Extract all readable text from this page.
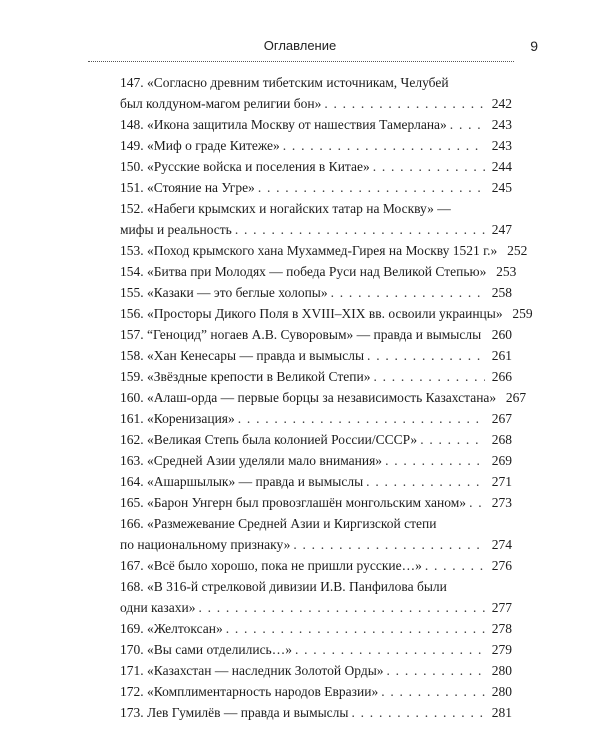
Оглавление	9
147. «Согласно древним тибетским источникам, Челубей
был колдуном-магом религии бон» . . .	242
148. «Икона защитила Москву от нашествия Тамерлана» . . .	243
149. «Миф о граде Китеже» . . .	243
150. «Русские войска и поселения в Китае» . . .	244
151. «Стояние на Угре» . . .	245
152. «Набеги крымских и ногайских татар на Москву» —
мифы и реальность . . .	247
153. «Поход крымского хана Мухаммед-Гирея на Москву 1521 г.» 252
154. «Битва при Молодях — победа Руси над Великой Степью» 253
155. «Казаки — это беглые холопы» . . .	258
156. «Просторы Дикого Поля в XVIII–XIX вв. освоили украинцы» 259
157. “Геноцид” ногаев А.В. Суворовым» — правда и вымыслы . . . 260
158. «Хан Кенесары — правда и вымыслы . . .	261
159. «Звёздные крепости в Великой Степи» . . .	266
160. «Алаш-орда — первые борцы за независимость Казахстана» 267
161. «Коренизация» . . .	267
162. «Великая Степь была колонией России/СССР» . . .	268
163. «Средней Азии уделяли мало внимания» . . .	269
164. «Ашаршылык» — правда и вымыслы . . .	271
165. «Барон Унгерн был провозглашён монгольским ханом» . . . 273
166. «Размежевание Средней Азии и Киргизской степи
по национальному признаку» . . .	274
167. «Всё было хорошо, пока не пришли русские…» . . .	276
168. «В 316-й стрелковой дивизии И.В. Панфилова были
одни казахи» . . .	277
169. «Желтоксан» . . .	278
170. «Вы сами отделились…» . . .	279
171. «Казахстан — наследник Золотой Орды» . . .	280
172. «Комплиментарность народов Евразии» . . .	280
173. Лев Гумилёв — правда и вымыслы . . .	281
